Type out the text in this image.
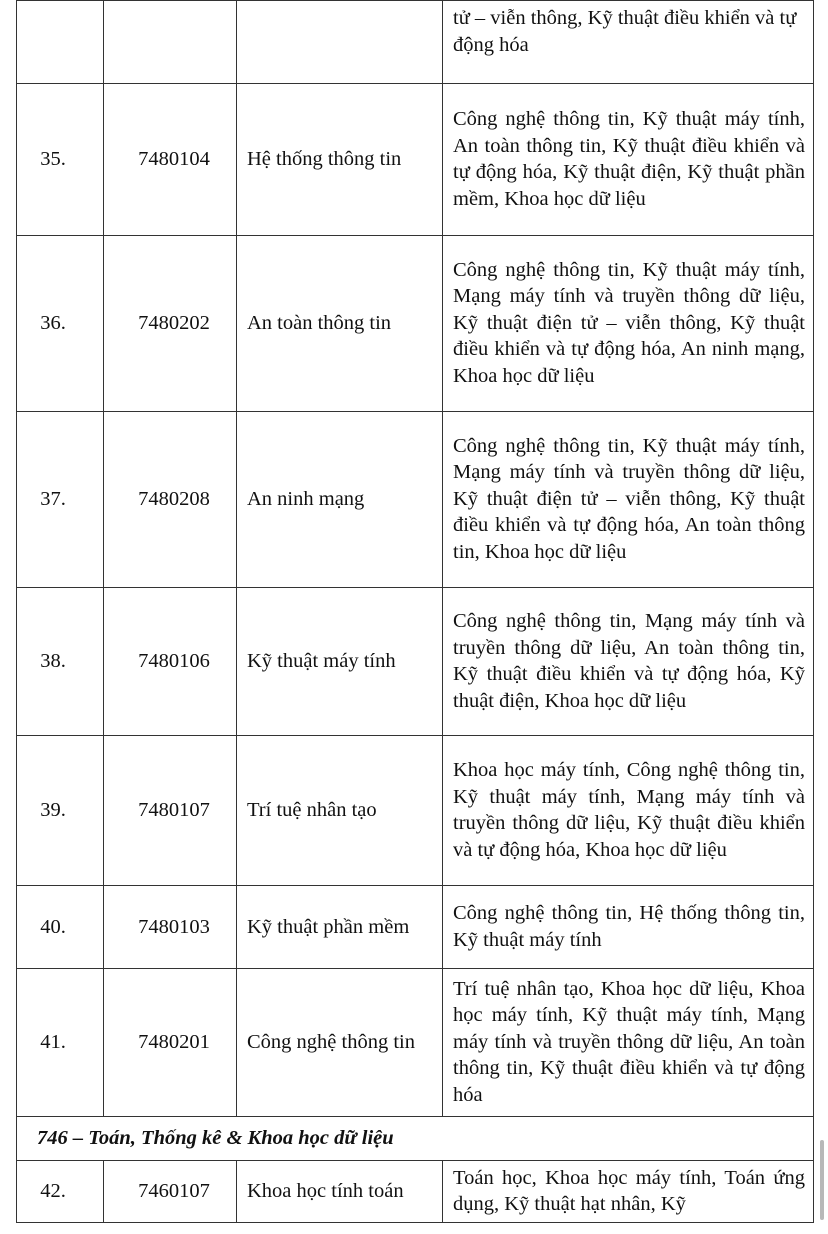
			tử – viễn thông, Kỹ thuật điều khiển và tự động hóa

35.	7480104	Hệ thống thông tin	Công nghệ thông tin, Kỹ thuật máy tính, An toàn thông tin, Kỹ thuật điều khiển và tự động hóa, Kỹ thuật điện, Kỹ thuật phần mềm, Khoa học dữ liệu

36.	7480202	An toàn thông tin	Công nghệ thông tin, Kỹ thuật máy tính, Mạng máy tính và truyền thông dữ liệu, Kỹ thuật điện tử – viễn thông, Kỹ thuật điều khiển và tự động hóa, An ninh mạng, Khoa học dữ liệu

37.	7480208	An ninh mạng	Công nghệ thông tin, Kỹ thuật máy tính, Mạng máy tính và truyền thông dữ liệu, Kỹ thuật điện tử – viễn thông, Kỹ thuật điều khiển và tự động hóa, An toàn thông tin, Khoa học dữ liệu

38.	7480106	Kỹ thuật máy tính	Công nghệ thông tin, Mạng máy tính và truyền thông dữ liệu, An toàn thông tin, Kỹ thuật điều khiển và tự động hóa, Kỹ thuật điện, Khoa học dữ liệu

39.	7480107	Trí tuệ nhân tạo	Khoa học máy tính, Công nghệ thông tin, Kỹ thuật máy tính, Mạng máy tính và truyền thông dữ liệu, Kỹ thuật điều khiển và tự động hóa, Khoa học dữ liệu

40.	7480103	Kỹ thuật phần mềm	Công nghệ thông tin, Hệ thống thông tin, Kỹ thuật máy tính

41.	7480201	Công nghệ thông tin	Trí tuệ nhân tạo, Khoa học dữ liệu, Khoa học máy tính, Kỹ thuật máy tính, Mạng máy tính và truyền thông dữ liệu, An toàn thông tin, Kỹ thuật điều khiển và tự động hóa

746 – Toán, Thống kê & Khoa học dữ liệu			
42.	7460107	Khoa học tính toán	Toán học, Khoa học máy tính, Toán ứng dụng, Kỹ thuật hạt nhân, Kỹ
